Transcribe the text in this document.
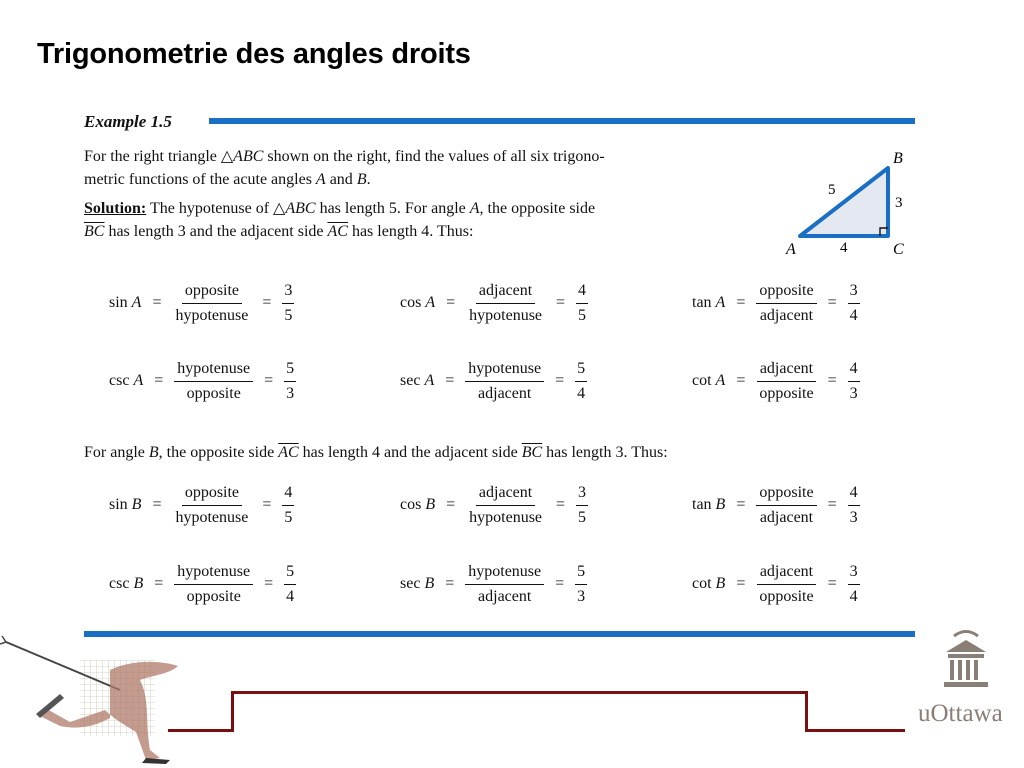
Trigonometrie des angles droits
Example 1.5
For the right triangle △ABC shown on the right, find the values of all six trigono-
metric functions of the acute angles A and B.
Solution: The hypotenuse of △ABC has length 5. For angle A, the opposite side
$\overline{BC}$ has length 3 and the adjacent side $\overline{AC}$ has length 4. Thus:
A
B
C
5
3
4
$\sin A = \frac{\text{opposite}}{\text{hypotenuse}} = \frac{3}{5}$	$\cos A = \frac{\text{adjacent}}{\text{hypotenuse}} = \frac{4}{5}$	$\tan A = \frac{\text{opposite}}{\text{adjacent}} = \frac{3}{4}$
$\csc A = \frac{\text{hypotenuse}}{\text{opposite}} = \frac{5}{3}$	$\sec A = \frac{\text{hypotenuse}}{\text{adjacent}} = \frac{5}{4}$	$\cot A = \frac{\text{adjacent}}{\text{opposite}} = \frac{4}{3}$
For angle B, the opposite side $\overline{AC}$ has length 4 and the adjacent side $\overline{BC}$ has length 3. Thus:
$\sin B = \frac{\text{opposite}}{\text{hypotenuse}} = \frac{4}{5}$	$\cos B = \frac{\text{adjacent}}{\text{hypotenuse}} = \frac{3}{5}$	$\tan B = \frac{\text{opposite}}{\text{adjacent}} = \frac{4}{3}$
$\csc B = \frac{\text{hypotenuse}}{\text{opposite}} = \frac{5}{4}$	$\sec B = \frac{\text{hypotenuse}}{\text{adjacent}} = \frac{5}{3}$	$\cot B = \frac{\text{adjacent}}{\text{opposite}} = \frac{3}{4}$
uOttawa
